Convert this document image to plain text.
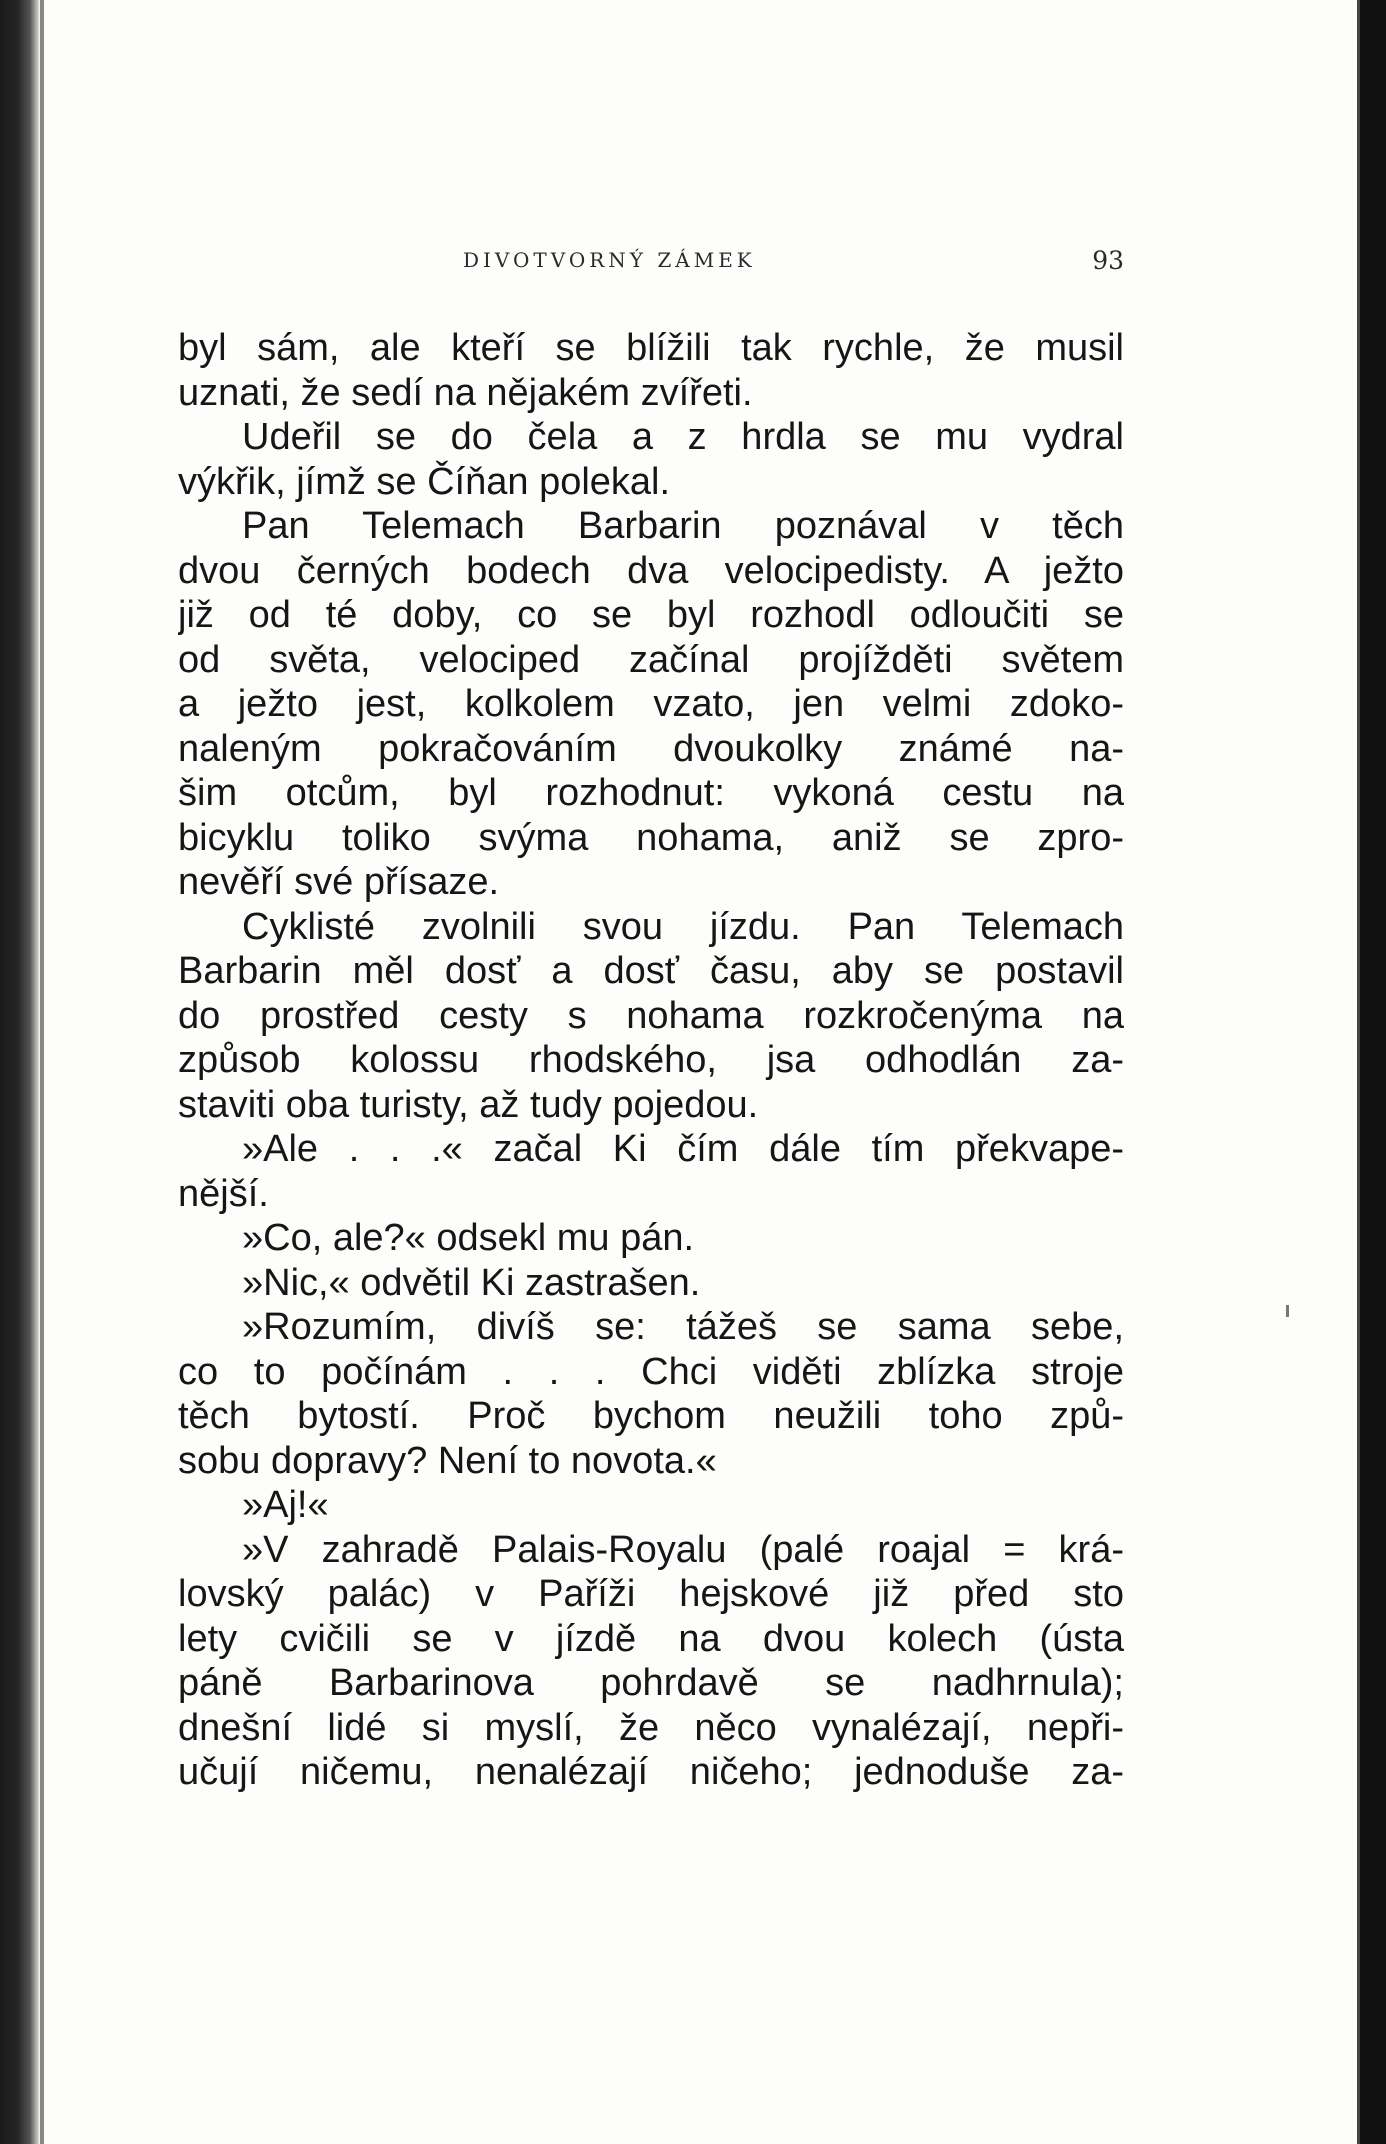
DIVOTVORNÝ ZÁMEK	93
byl sám, ale kteří se blížili tak rychle, že musil
uznati, že sedí na nějakém zvířeti.
Udeřil se do čela a z hrdla se mu vydral
výkřik, jímž se Číňan polekal.
Pan Telemach Barbarin poznával v těch
dvou černých bodech dva velocipedisty. A ježto
již od té doby, co se byl rozhodl odloučiti se
od světa, velociped začínal projížděti světem
a ježto jest, kolkolem vzato, jen velmi zdoko-
naleným pokračováním dvoukolky známé na-
šim otcům, byl rozhodnut: vykoná cestu na
bicyklu toliko svýma nohama, aniž se zpro-
nevěří své přísaze.
Cyklisté zvolnili svou jízdu. Pan Telemach
Barbarin měl dosť a dosť času, aby se postavil
do prostřed cesty s nohama rozkročenýma na
způsob kolossu rhodského, jsa odhodlán za-
staviti oba turisty, až tudy pojedou.
»Ale . . .« začal Ki čím dále tím překvape-
nější.
»Co, ale?« odsekl mu pán.
»Nic,« odvětil Ki zastrašen.
»Rozumím, divíš se: tážeš se sama sebe,
co to počínám . . . Chci viděti zblízka stroje
těch bytostí. Proč bychom neužili toho způ-
sobu dopravy? Není to novota.«
»Aj!«
»V zahradě Palais-Royalu (palé roajal = krá-
lovský palác) v Paříži hejskové již před sto
lety cvičili se v jízdě na dvou kolech (ústa
páně Barbarinova pohrdavě se nadhrnula);
dnešní lidé si myslí, že něco vynalézají, nepři-
učují ničemu, nenalézají ničeho; jednoduše za-
